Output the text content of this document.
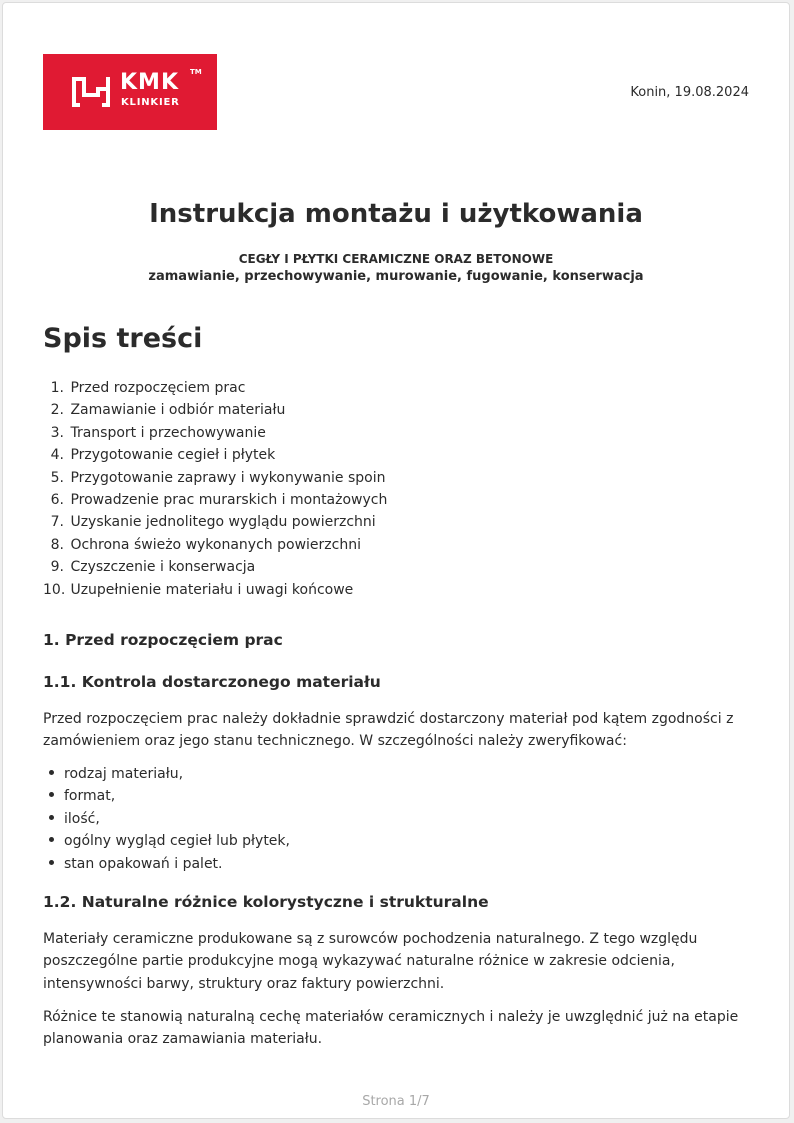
KMK TM
KLINKIER
Konin, 19.08.2024
Instrukcja montażu i użytkowania
CEGŁY I PŁYTKI CERAMICZNE ORAZ BETONOWE
zamawianie, przechowywanie, murowanie, fugowanie, konserwacja
Spis treści
1. Przed rozpoczęciem prac
2. Zamawianie i odbiór materiału
3. Transport i przechowywanie
4. Przygotowanie cegieł i płytek
5. Przygotowanie zaprawy i wykonywanie spoin
6. Prowadzenie prac murarskich i montażowych
7. Uzyskanie jednolitego wyglądu powierzchni
8. Ochrona świeżo wykonanych powierzchni
9. Czyszczenie i konserwacja
10. Uzupełnienie materiału i uwagi końcowe
1. Przed rozpoczęciem prac
1.1. Kontrola dostarczonego materiału

Przed rozpoczęciem prac należy dokładnie sprawdzić dostarczony materiał pod kątem zgodności z zamówieniem oraz jego stanu technicznego. W szczególności należy zweryfikować:

rodzaj materiału,
format,
ilość,
ogólny wygląd cegieł lub płytek,
stan opakowań i palet.
1.2. Naturalne różnice kolorystyczne i strukturalne

Materiały ceramiczne produkowane są z surowców pochodzenia naturalnego. Z tego względu poszczególne partie produkcyjne mogą wykazywać naturalne różnice w zakresie odcienia, intensywności barwy, struktury oraz faktury powierzchni.

Różnice te stanowią naturalną cechę materiałów ceramicznych i należy je uwzględnić już na etapie planowania oraz zamawiania materiału.

Strona 1/7
